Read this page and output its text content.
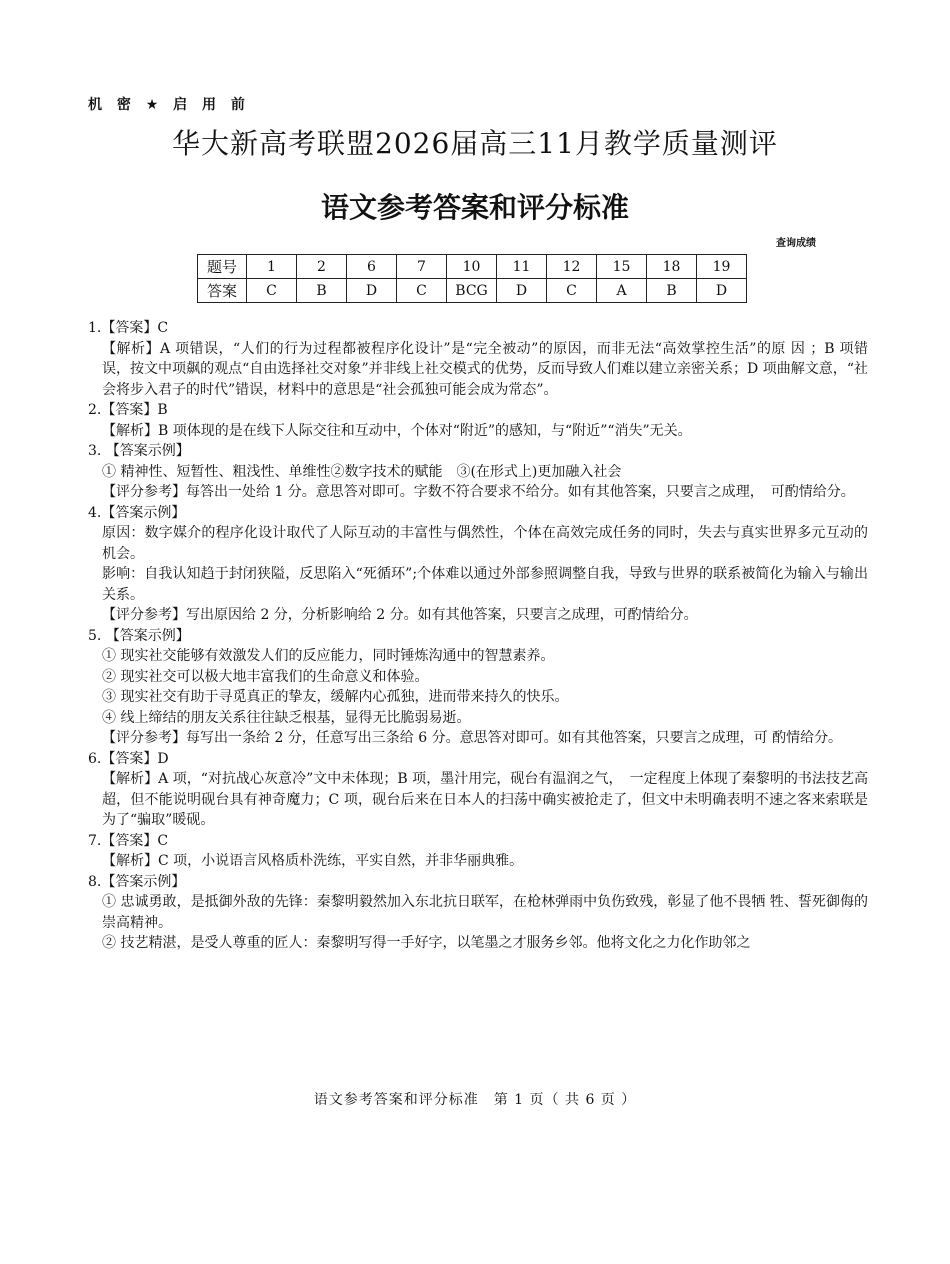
机 密 ★ 启 用 前
华大新高考联盟2026届高三11月教学质量测评
语文参考答案和评分标准
查询成绩
题号	1	2	6	7	10	11	12	15	18	19
答案	C	B	D	C	BCG	D	C	A	B	D

1.【答案】C

【解析】A 项错误，“人们的行为过程都被程序化设计”是“完全被动”的原因，而非无法“高效掌控生活”的原 因 ；B 项错误，按文中项飙的观点“自由选择社交对象”并非线上社交模式的优势，反而导致人们难以建立亲密关系；D 项曲解文意，“社会将步入君子的时代”错误，材料中的意思是“社会孤独可能会成为常态”。

2.【答案】B

【解析】B 项体现的是在线下人际交往和互动中，个体对“附近”的感知，与“附近”“消失”无关。

3. 【答案示例】

① 精神性、短暂性、粗浅性、单维性②数字技术的赋能　③(在形式上)更加融入社会

【评分参考】每答出一处给 1 分。意思答对即可。字数不符合要求不给分。如有其他答案，只要言之成理，　可酌情给分。

4.【答案示例】

原因：数字媒介的程序化设计取代了人际互动的丰富性与偶然性，个体在高效完成任务的同时，失去与真实世界多元互动的机会。

影响：自我认知趋于封闭狭隘，反思陷入“死循环”;个体难以通过外部参照调整自我，导致与世界的联系被简化为输入与输出关系。

【评分参考】写出原因给 2 分，分析影响给 2 分。如有其他答案，只要言之成理，可酌情给分。

5. 【答案示例】

① 现实社交能够有效激发人们的反应能力，同时锤炼沟通中的智慧素养。

② 现实社交可以极大地丰富我们的生命意义和体验。

③ 现实社交有助于寻觅真正的挚友，缓解内心孤独，进而带来持久的快乐。

④ 线上缔结的朋友关系往往缺乏根基，显得无比脆弱易逝。

【评分参考】每写出一条给 2 分，任意写出三条给 6 分。意思答对即可。如有其他答案，只要言之成理，可 酌情给分。

6.【答案】D

【解析】A 项，“对抗战心灰意冷”文中未体现；B 项，墨汁用完，砚台有温润之气，　一定程度上体现了秦黎明的书法技艺高超，但不能说明砚台具有神奇魔力；C 项，砚台后来在日本人的扫荡中确实被抢走了，但文中未明确表明不速之客来索联是为了“骗取”暖砚。

7.【答案】C

【解析】C 项，小说语言风格质朴洗练，平实自然，并非华丽典雅。

8.【答案示例】

① 忠诚勇敢，是抵御外敌的先锋：秦黎明毅然加入东北抗日联军，在枪林弹雨中负伤致残，彰显了他不畏牺 牲、誓死御侮的崇高精神。

② 技艺精湛，是受人尊重的匠人：秦黎明写得一手好字，以笔墨之才服务乡邻。他将文化之力化作助邻之

语文参考答案和评分标准　第 1 页（ 共 6 页 ）
